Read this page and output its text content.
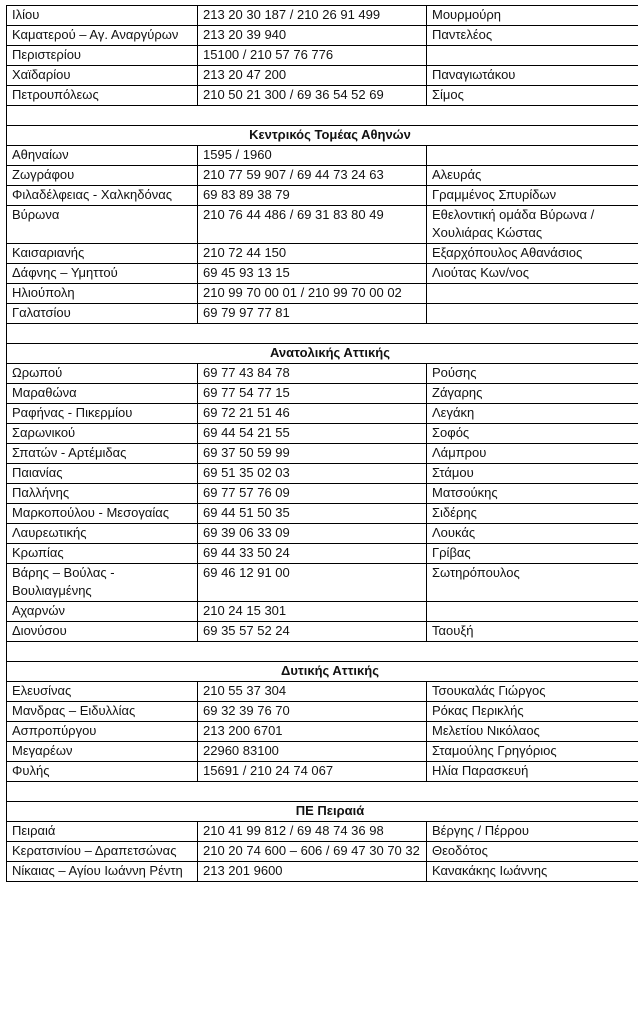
Ιλίου	213 20 30 187 / 210 26 91 499	Μουρμούρη
Καματερού – Αγ. Αναργύρων	213 20 39 940	Παντελέος
Περιστερίου	15100 / 210 57 76 776	
Χαϊδαρίου	213 20 47 200	Παναγιωτάκου
Πετρουπόλεως	210 50 21 300 / 69 36 54 52 69	Σίμος

Κεντρικός Τομέας Αθηνών		
Αθηναίων	1595 / 1960	
Ζωγράφου	210 77 59 907 / 69 44 73 24 63	Αλευράς
Φιλαδέλφειας - Χαλκηδόνας	69 83 89 38 79	Γραμμένος Σπυρίδων
Βύρωνα	210 76 44 486 / 69 31 83 80 49	Εθελοντική ομάδα Βύρωνα /Χουλιάρας Κώστας
Καισαριανής	210 72 44 150	Εξαρχόπουλος Αθανάσιος
Δάφνης – Υμηττού	69 45 93 13 15	Λιούτας Κων/νος
Ηλιούπολη	210 99 70 00 01 / 210 99 70 00 02	
Γαλατσίου	69 79 97 77 81	

Ανατολικής Αττικής		
Ωρωπού	69 77 43 84 78	Ρούσης
Μαραθώνα	69 77 54 77 15	Ζάγαρης
Ραφήνας - Πικερμίου	69 72 21 51 46	Λεγάκη
Σαρωνικού	69 44 54 21 55	Σοφός
Σπατών - Αρτέμιδας	69 37 50 59 99	Λάμπρου
Παιανίας	69 51 35 02 03	Στάμου
Παλλήνης	69 77 57 76 09	Ματσούκης
Μαρκοπούλου - Μεσογαίας	69 44 51 50 35	Σιδέρης
Λαυρεωτικής	69 39 06 33 09	Λουκάς
Κρωπίας	69 44 33 50 24	Γρίβας
Βάρης – Βούλας - Βουλιαγμένης	69 46 12 91 00	Σωτηρόπουλος
Αχαρνών	210 24 15 301	
Διονύσου	69 35 57 52 24	Ταουξή

Δυτικής Αττικής		
Ελευσίνας	210 55 37 304	Τσουκαλάς Γιώργος
Μανδρας – Ειδυλλίας	69 32 39 76 70	Ρόκας Περικλής
Ασπροπύργου	213 200 6701	Μελετίου Νικόλαος
Μεγαρέων	22960 83100	Σταμούλης Γρηγόριος
Φυλής	15691 / 210 24 74 067	Ηλία Παρασκευή

ΠΕ Πειραιά		
Πειραιά	210 41 99 812 / 69 48 74 36 98	Βέργης / Πέρρου
Κερατσινίου – Δραπετσώνας	210 20 74 600 – 606 / 69 47 30 70 32	Θεοδότος
Νίκαιας – Αγίου Ιωάννη Ρέντη	213 201 9600	Κανακάκης Ιωάννης
